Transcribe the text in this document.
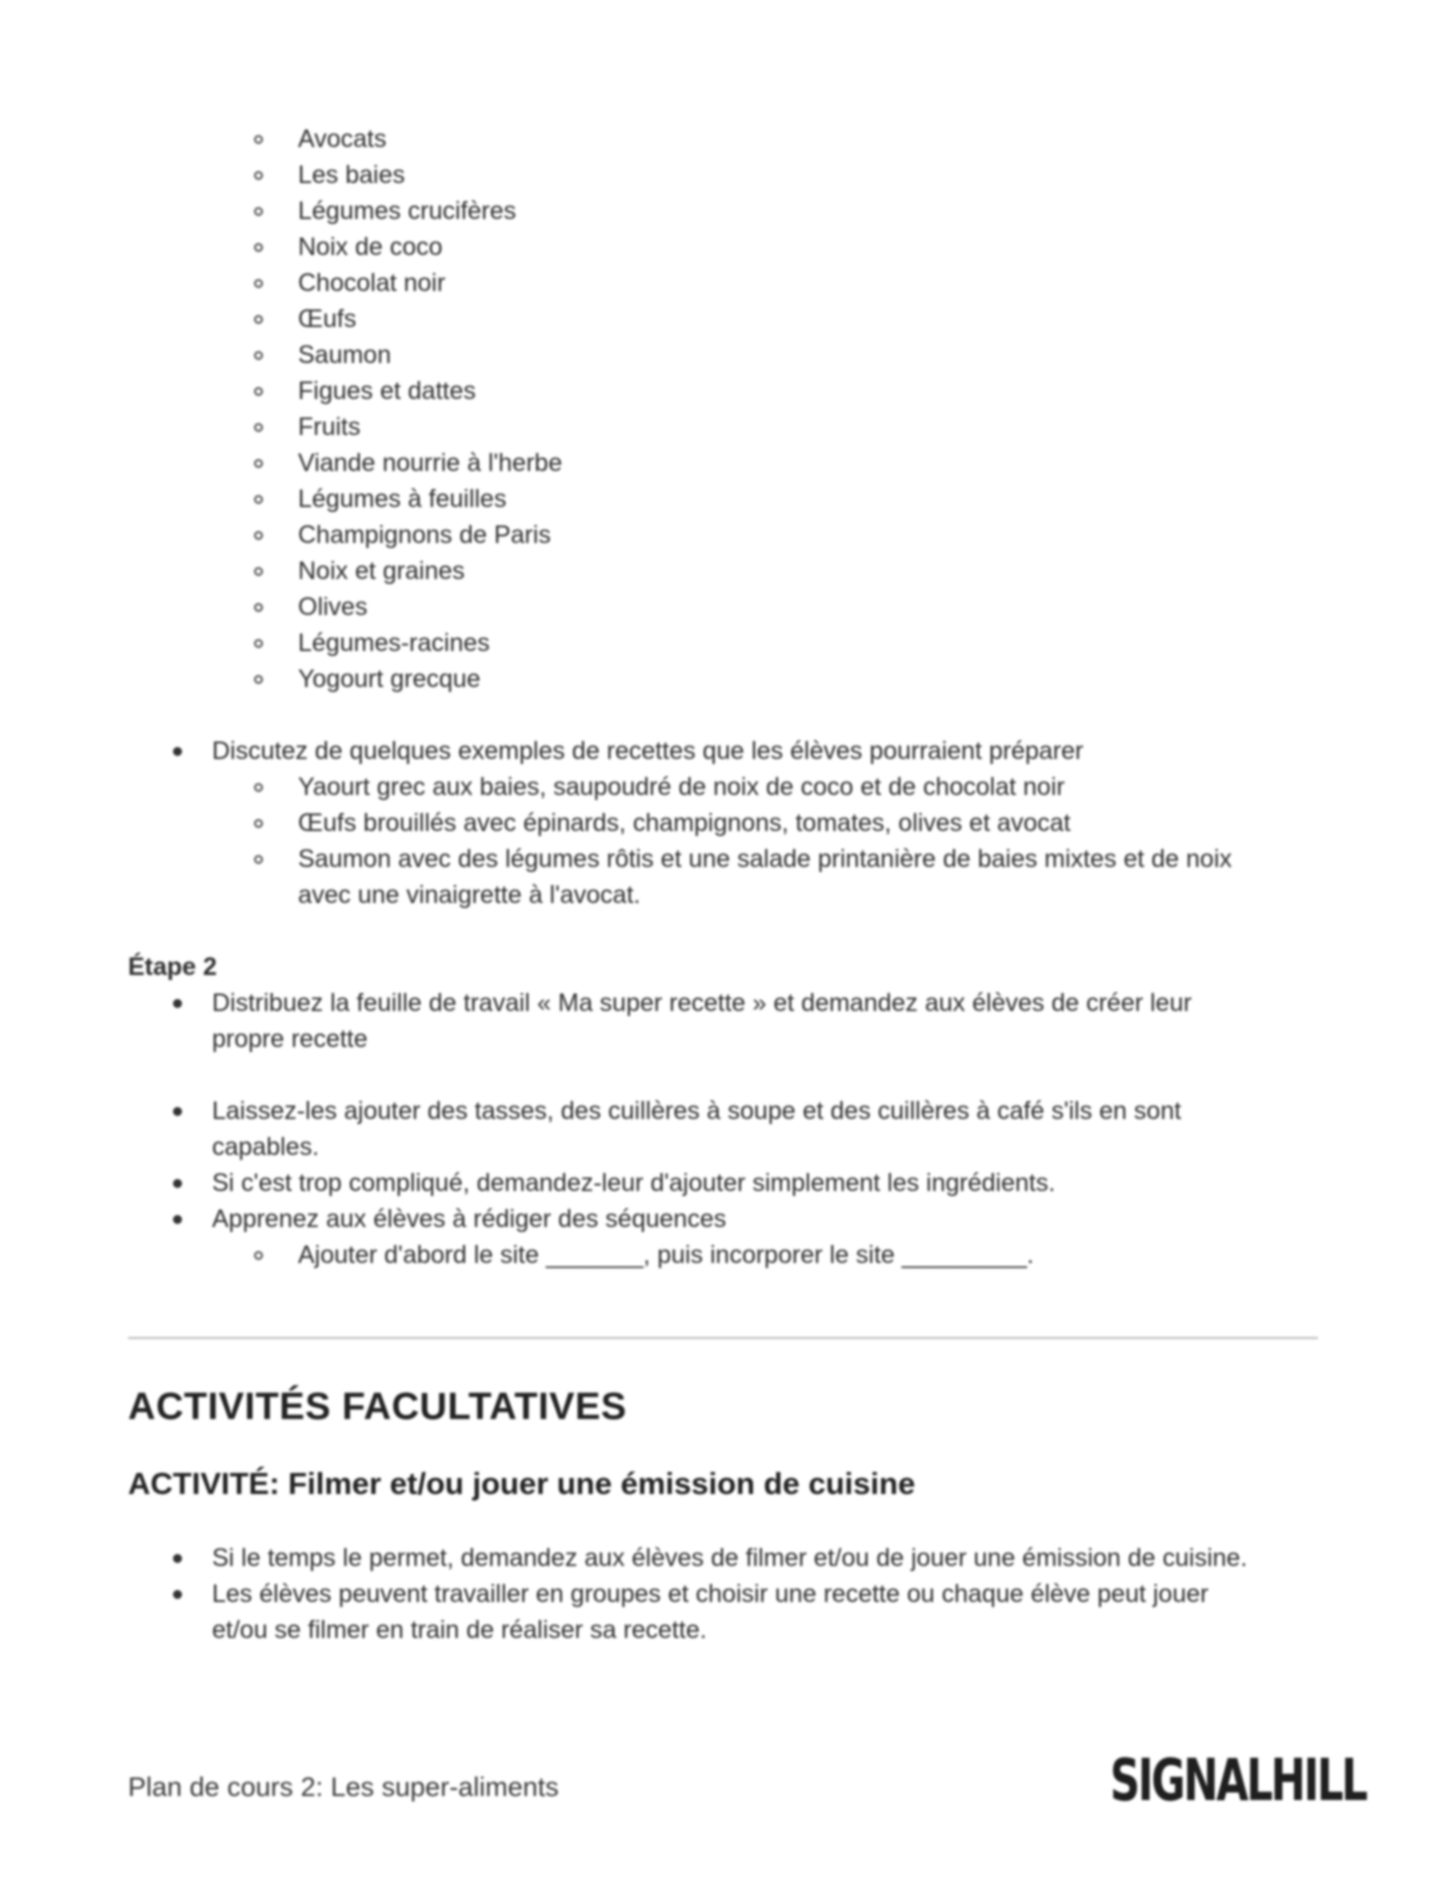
Avocats
Les baies
Légumes crucifères
Noix de coco
Chocolat noir
Œufs
Saumon
Figues et dattes
Fruits
Viande nourrie à l'herbe
Légumes à feuilles
Champignons de Paris
Noix et graines
Olives
Légumes-racines
Yogourt grecque
Discutez de quelques exemples de recettes que les élèves pourraient préparer
Yaourt grec aux baies, saupoudré de noix de coco et de chocolat noir
Œufs brouillés avec épinards, champignons, tomates, olives et avocat
Saumon avec des légumes rôtis et une salade printanière de baies mixtes et de noix
avec une vinaigrette à l'avocat.
Étape 2
Distribuez la feuille de travail « Ma super recette » et demandez aux élèves de créer leur
propre recette
Laissez-les ajouter des tasses, des cuillères à soupe et des cuillères à café s'ils en sont
capables.
Si c'est trop compliqué, demandez-leur d'ajouter simplement les ingrédients.
Apprenez aux élèves à rédiger des séquences
Ajouter d'abord le site _______, puis incorporer le site _________.
ACTIVITÉS FACULTATIVES
ACTIVITÉ: Filmer et/ou jouer une émission de cuisine
Si le temps le permet, demandez aux élèves de filmer et/ou de jouer une émission de cuisine.
Les élèves peuvent travailler en groupes et choisir une recette ou chaque élève peut jouer
et/ou se filmer en train de réaliser sa recette.
Plan de cours 2: Les super-aliments	SIGNALHILL
